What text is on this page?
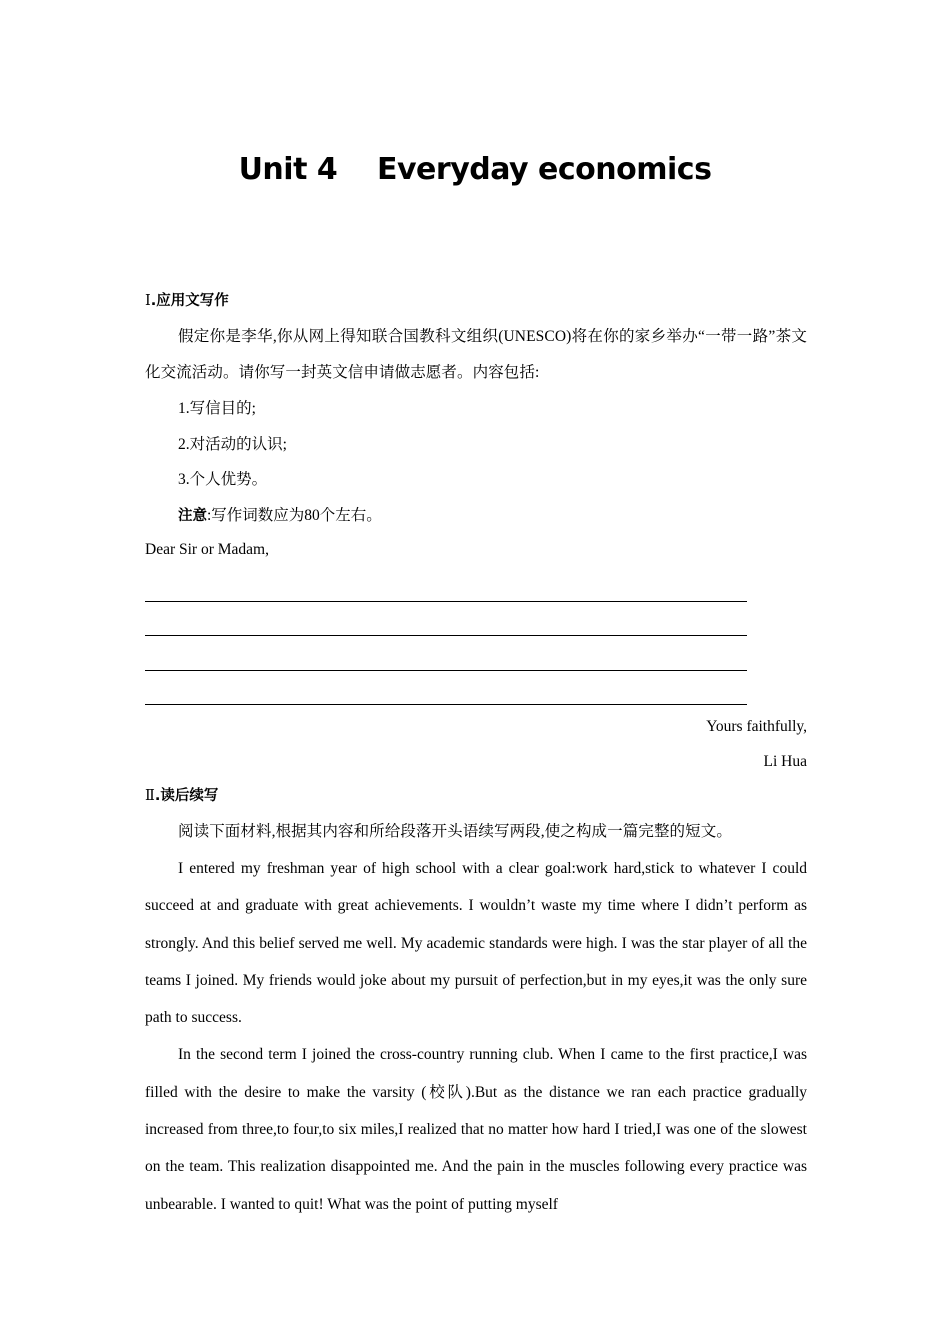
Unit 4    Everyday economics
Ⅰ.应用文写作
假定你是李华,你从网上得知联合国教科文组织(UNESCO)将在你的家乡举办“一带一路”茶文化交流活动。请你写一封英文信申请做志愿者。内容包括:
1.写信目的;
2.对活动的认识;
3.个人优势。
注意:写作词数应为80个左右。
Dear Sir or Madam,
Yours faithfully,
Li Hua
Ⅱ.读后续写
阅读下面材料,根据其内容和所给段落开头语续写两段,使之构成一篇完整的短文。
I entered my freshman year of high school with a clear goal:work hard,stick to whatever I could succeed at and graduate with great achievements. I wouldn’t waste my time where I didn’t perform as strongly. And this belief served me well. My academic standards were high. I was the star player of all the teams I joined. My friends would joke about my pursuit of perfection,but in my eyes,it was the only sure path to success.
In the second term I joined the cross-country running club. When I came to the first practice,I was filled with the desire to make the varsity (校队).But as the distance we ran each practice gradually increased from three,to four,to six miles,I realized that no matter how hard I tried,I was one of the slowest on the team. This realization disappointed me. And the pain in the muscles following every practice was unbearable. I wanted to quit! What was the point of putting myself
